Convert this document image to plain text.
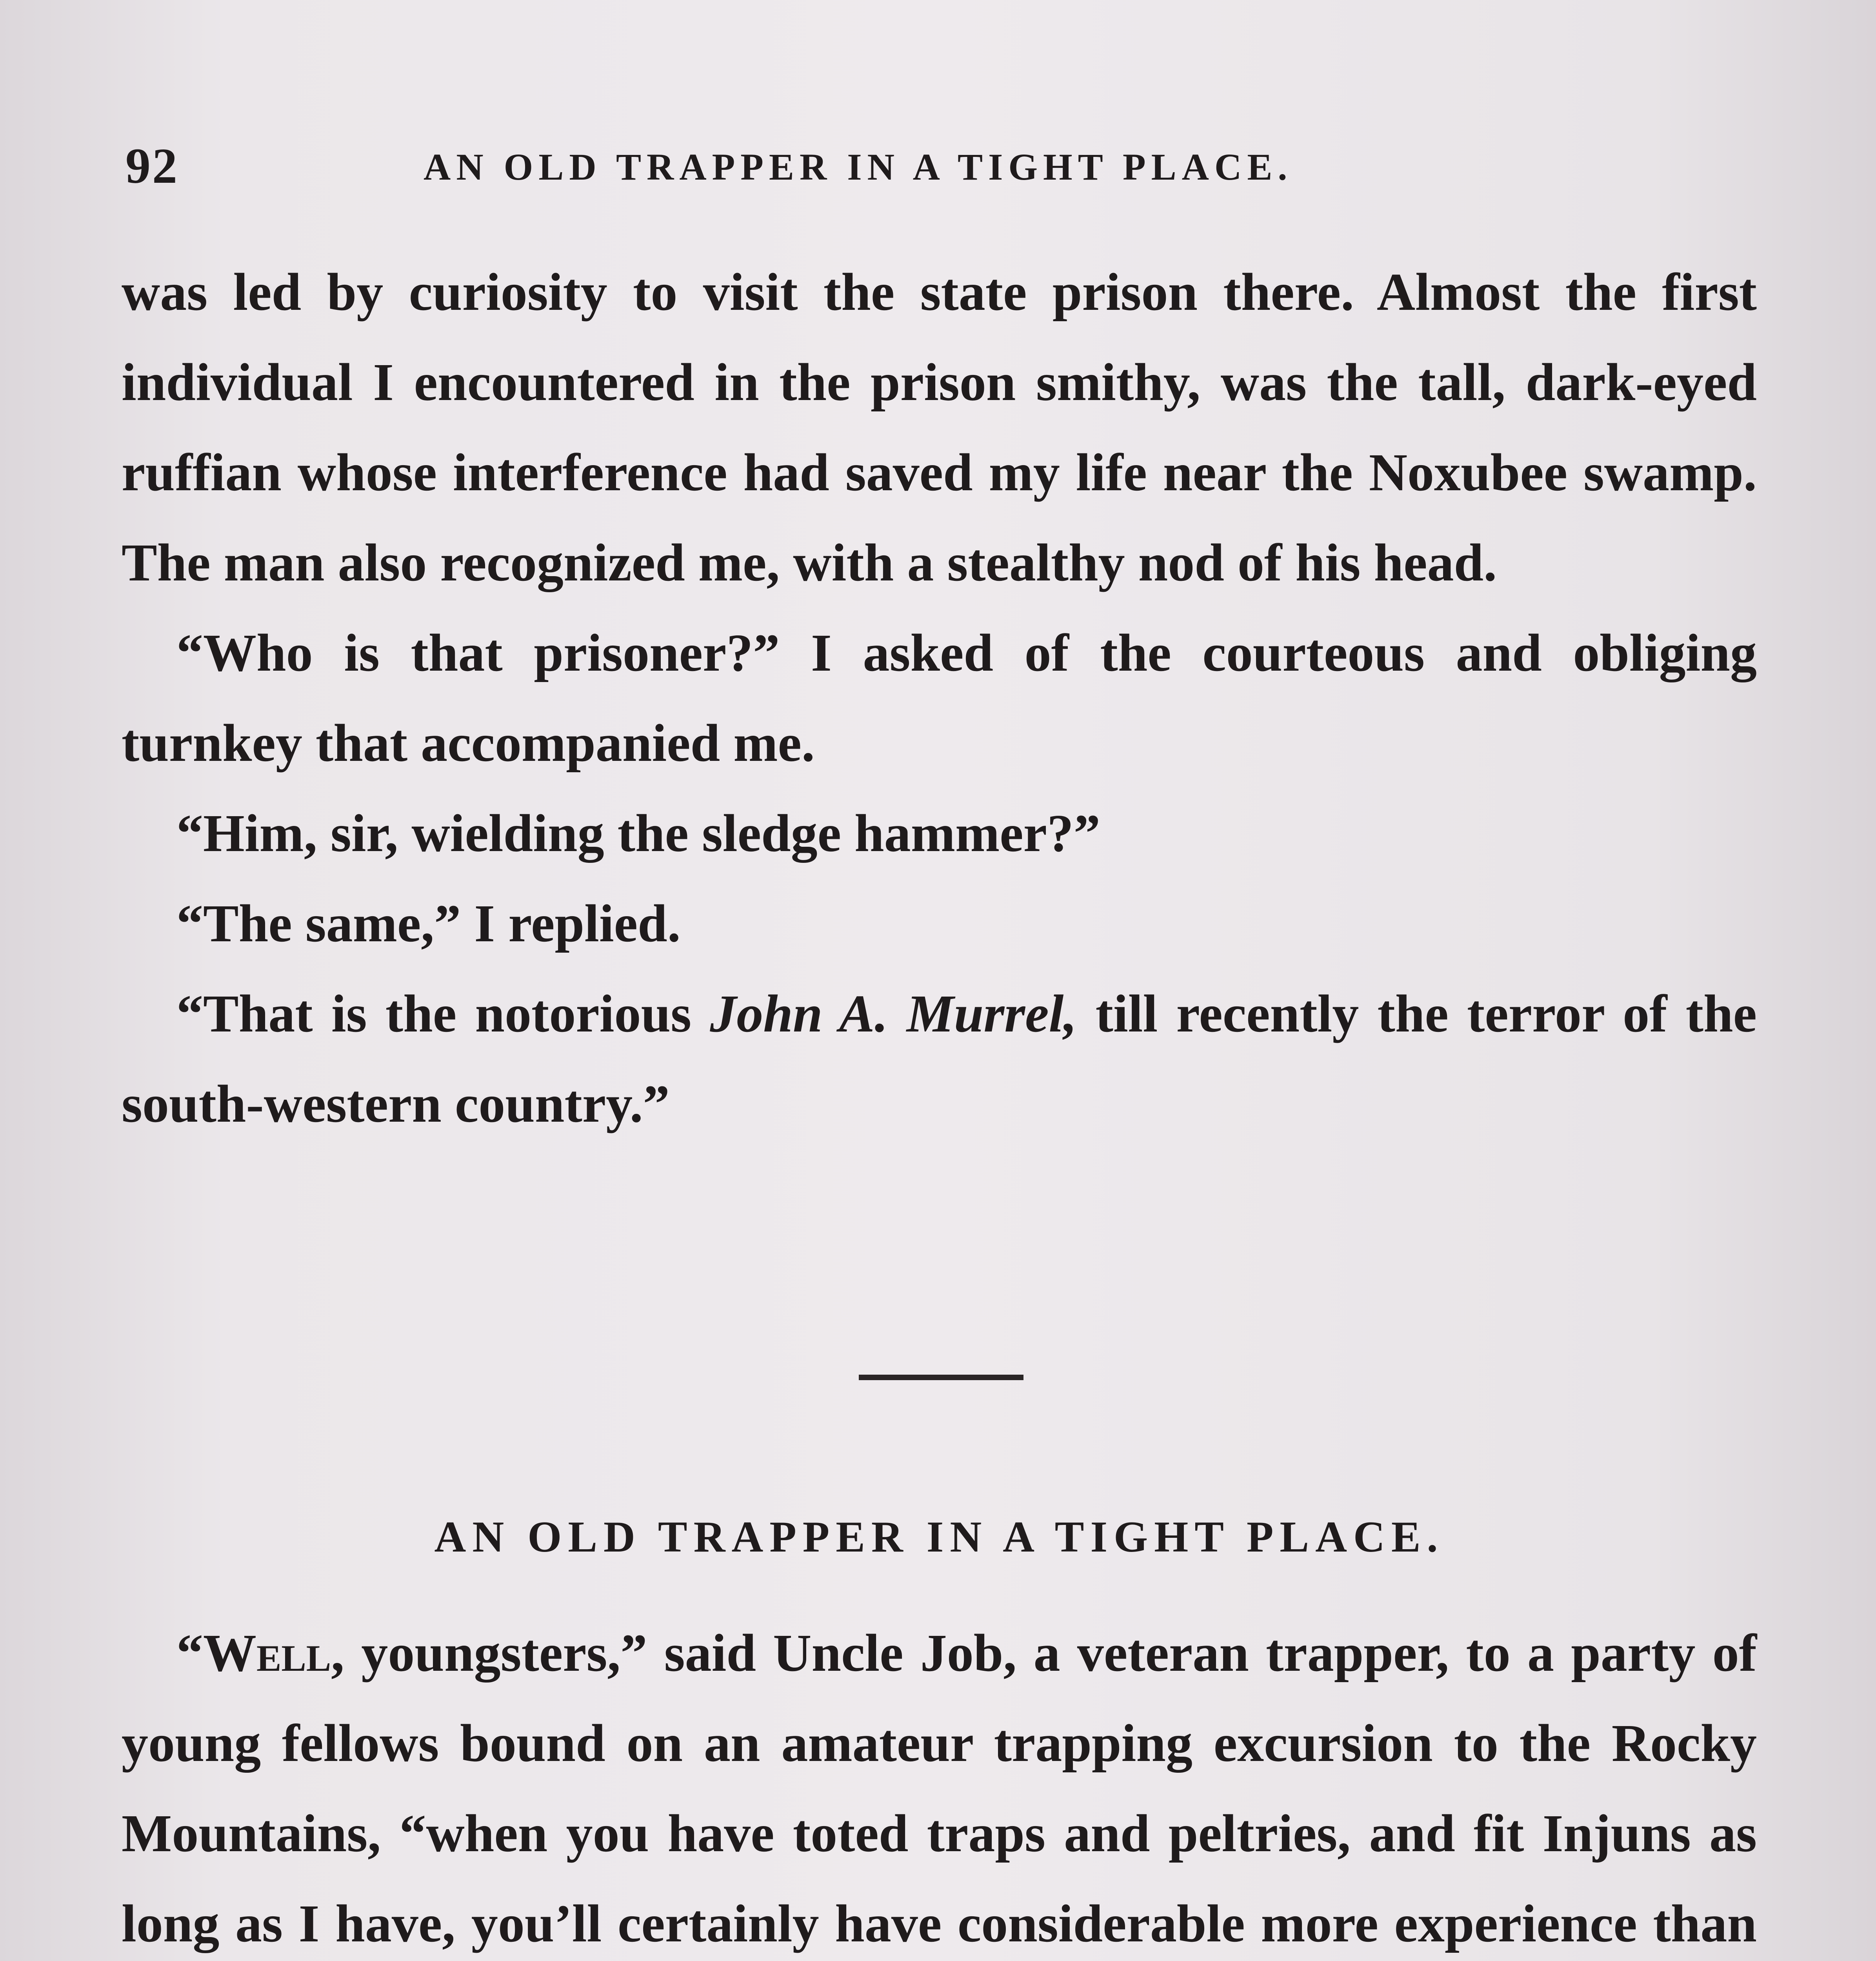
92	AN OLD TRAPPER IN A TIGHT PLACE.

was led by curiosity to visit the state prison there. Almost the first individual I encountered in the prison smithy, was the tall, dark-eyed ruffian whose interference had saved my life near the Noxubee swamp. The man also recognized me, with a stealthy nod of his head.

“Who is that prisoner?” I asked of the courteous and obliging turnkey that accompanied me.

“Him, sir, wielding the sledge hammer?”

“The same,” I replied.

“That is the notorious John A. Murrel, till recently the terror of the south-western country.”

AN OLD TRAPPER IN A TIGHT PLACE.

“Well, youngsters,” said Uncle Job, a veteran trapper, to a party of young fellows bound on an amateur trapping excursion to the Rocky Mountains, “when you have toted traps and peltries, and fit Injuns as long as I have, you’ll certainly have considerable more experience than
